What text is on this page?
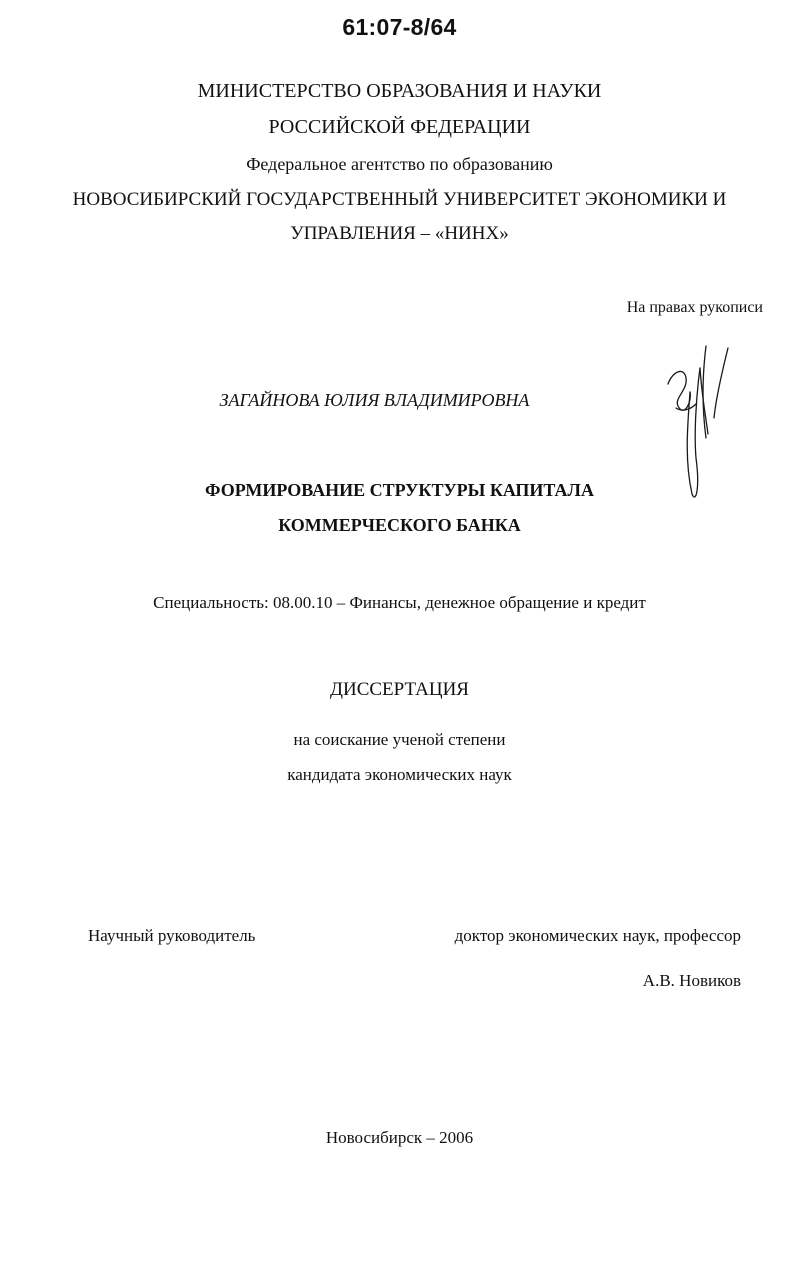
61:07-8/64
МИНИСТЕРСТВО ОБРАЗОВАНИЯ И НАУКИ
РОССИЙСКОЙ ФЕДЕРАЦИИ
Федеральное агентство по образованию
НОВОСИБИРСКИЙ ГОСУДАРСТВЕННЫЙ УНИВЕРСИТЕТ ЭКОНОМИКИ И
УПРАВЛЕНИЯ – «НИНХ»
На правах рукописи
ЗАГАЙНОВА ЮЛИЯ ВЛАДИМИРОВНА
ФОРМИРОВАНИЕ СТРУКТУРЫ КАПИТАЛА
КОММЕРЧЕСКОГО БАНКА
Специальность: 08.00.10 – Финансы, денежное обращение и кредит
ДИССЕРТАЦИЯ
на соискание ученой степени
кандидата экономических наук
Научный руководитель	доктор экономических наук, профессор
А.В. Новиков
Новосибирск – 2006
